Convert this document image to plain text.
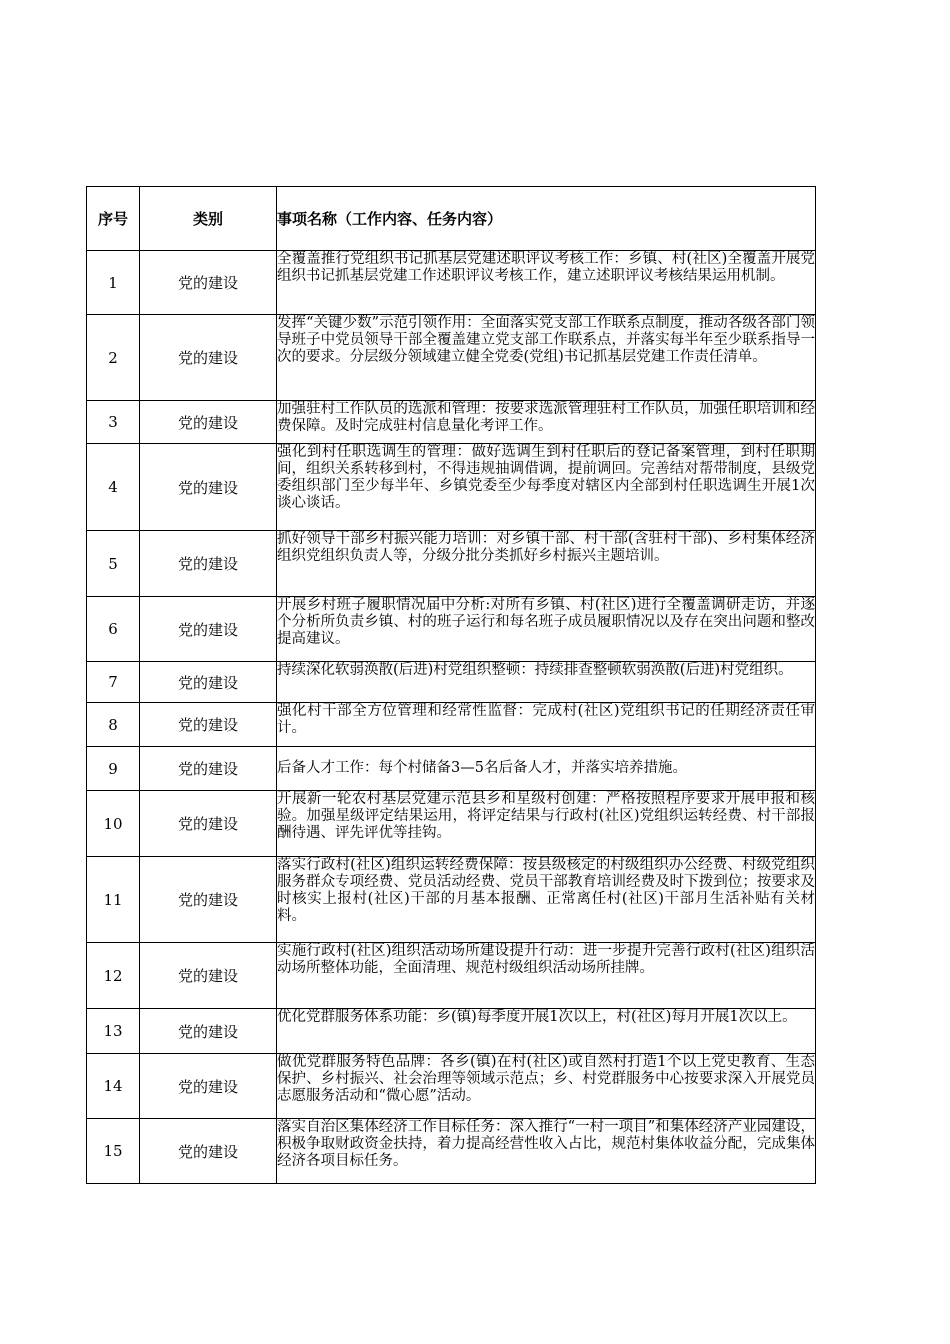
序号	类别	事项名称（工作内容、任务内容）
1	党的建设	全覆盖推行党组织书记抓基层党建述职评议考核工作：乡镇、村(社区)全覆盖开展党组织书记抓基层党建工作述职评议考核工作，建立述职评议考核结果运用机制。
2	党的建设	发挥“关键少数”示范引领作用：全面落实党支部工作联系点制度，推动各级各部门领导班子中党员领导干部全覆盖建立党支部工作联系点，并落实每半年至少联系指导一次的要求。分层级分领域建立健全党委(党组)书记抓基层党建工作责任清单。
3	党的建设	加强驻村工作队员的选派和管理：按要求选派管理驻村工作队员，加强任职培训和经费保障。及时完成驻村信息量化考评工作。
4	党的建设	强化到村任职选调生的管理：做好选调生到村任职后的登记备案管理，到村任职期间，组织关系转移到村，不得违规抽调借调，提前调回。完善结对帮带制度，县级党委组织部门至少每半年、乡镇党委至少每季度对辖区内全部到村任职选调生开展1次谈心谈话。
5	党的建设	抓好领导干部乡村振兴能力培训：对乡镇干部、村干部(含驻村干部)、乡村集体经济组织党组织负责人等，分级分批分类抓好乡村振兴主题培训。
6	党的建设	开展乡村班子履职情况届中分析:对所有乡镇、村(社区)进行全覆盖调研走访，并逐个分析所负责乡镇、村的班子运行和每名班子成员履职情况以及存在突出问题和整改提高建议。
7	党的建设	持续深化软弱涣散(后进)村党组织整顿：持续排查整顿软弱涣散(后进)村党组织。
8	党的建设	强化村干部全方位管理和经常性监督：完成村(社区)党组织书记的任期经济责任审计。
9	党的建设	后备人才工作：每个村储备3—5名后备人才，并落实培养措施。
10	党的建设	开展新一轮农村基层党建示范县乡和星级村创建：严格按照程序要求开展申报和核验。加强星级评定结果运用，将评定结果与行政村(社区)党组织运转经费、村干部报酬待遇、评先评优等挂钩。
11	党的建设	落实行政村(社区)组织运转经费保障：按县级核定的村级组织办公经费、村级党组织服务群众专项经费、党员活动经费、党员干部教育培训经费及时下拨到位；按要求及时核实上报村(社区)干部的月基本报酬、正常离任村(社区)干部月生活补贴有关材料。
12	党的建设	实施行政村(社区)组织活动场所建设提升行动：进一步提升完善行政村(社区)组织活动场所整体功能，全面清理、规范村级组织活动场所挂牌。
13	党的建设	优化党群服务体系功能：乡(镇)每季度开展1次以上，村(社区)每月开展1次以上。
14	党的建设	做优党群服务特色品牌：各乡(镇)在村(社区)或自然村打造1个以上党史教育、生态保护、乡村振兴、社会治理等领域示范点；乡、村党群服务中心按要求深入开展党员志愿服务活动和“微心愿”活动。
15	党的建设	落实自治区集体经济工作目标任务：深入推行“一村一项目”和集体经济产业园建设，积极争取财政资金扶持，着力提高经营性收入占比，规范村集体收益分配，完成集体经济各项目标任务。
